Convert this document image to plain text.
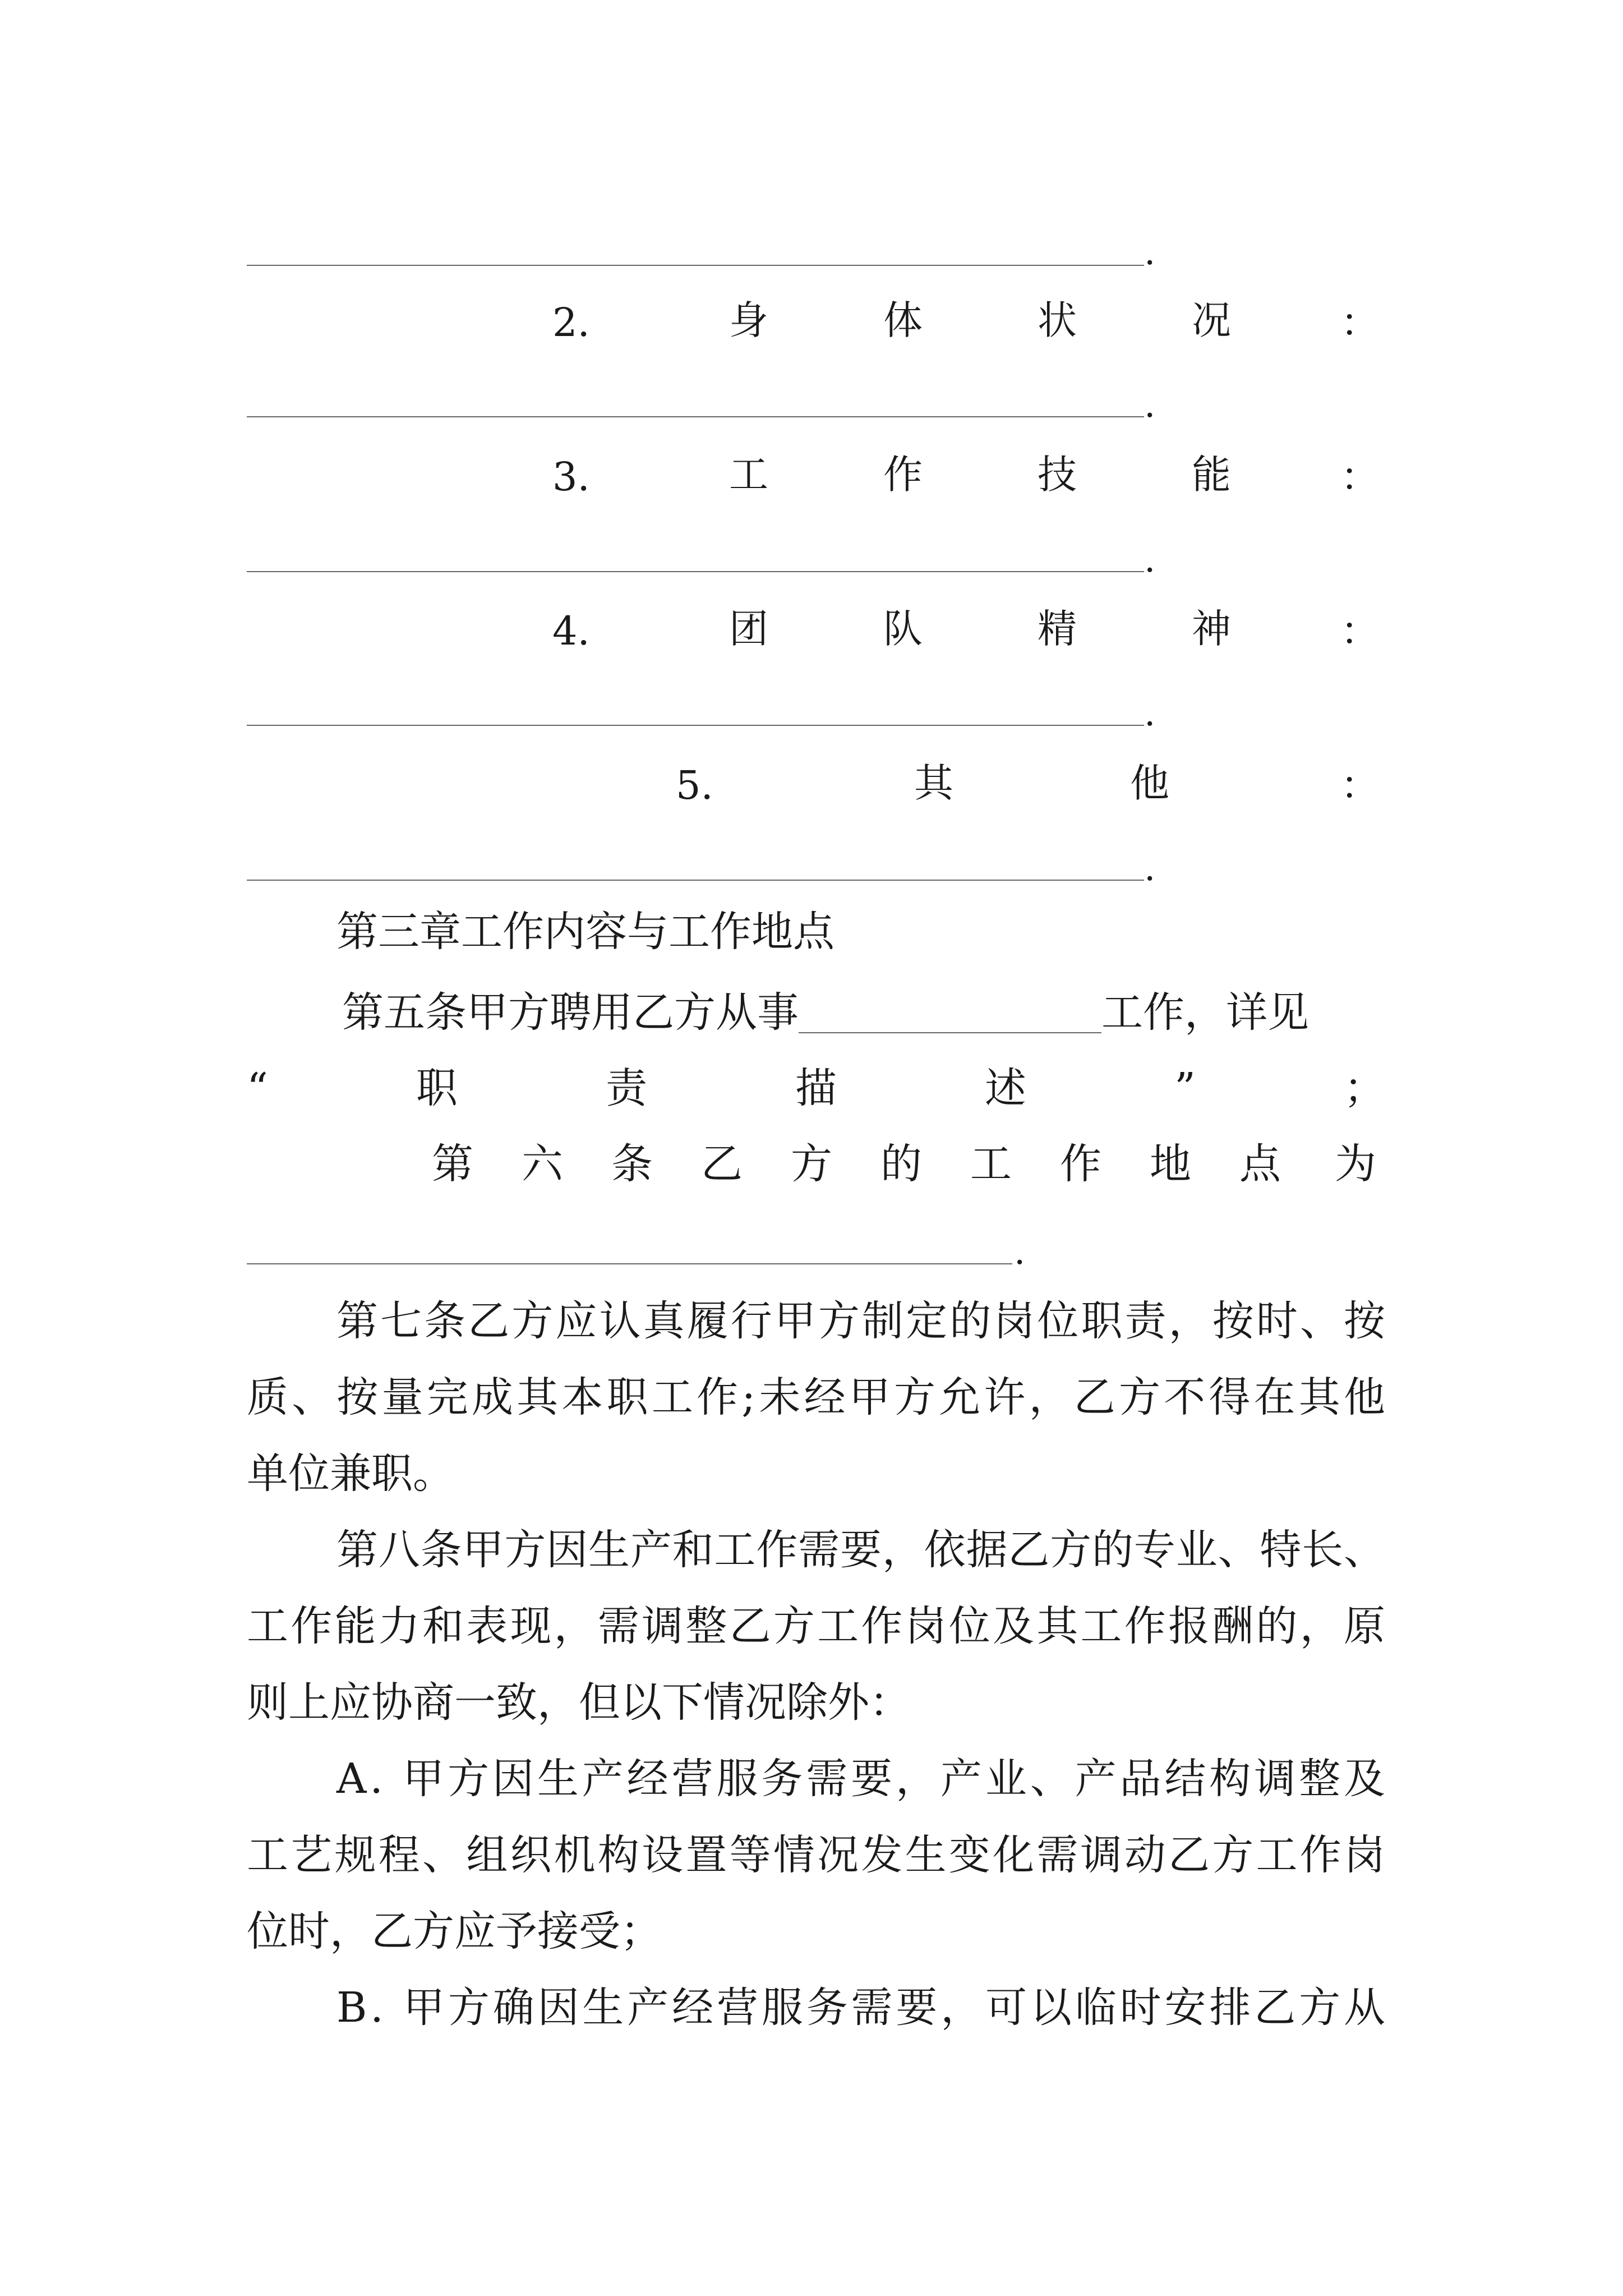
.
2.	身	体	状	况	：
.
3.	工	作	技	能	：
.
4.	团	队	精	神	：
.
5.	其	他	：
.
第三章工作内容与工作地点
第五条甲方聘用乙方从事	工作，详见
“职责描述”；
第 六 条 乙 方 的 工 作 地 点 为
.
第七条乙方应认真履行甲方制定的岗位职责，按时、按
质、按量完成其本职工作;未经甲方允许，乙方不得在其他
单位兼职。
第八条甲方因生产和工作需要，依据乙方的专业、特长、
工作能力和表现，需调整乙方工作岗位及其工作报酬的，原
则上应协商一致，但以下情况除外：
A. 甲方因生产经营服务需要，产业、产品结构调整及
工艺规程、组织机构设置等情况发生变化需调动乙方工作岗
位时，乙方应予接受；
B. 甲方确因生产经营服务需要，可以临时安排乙方从
